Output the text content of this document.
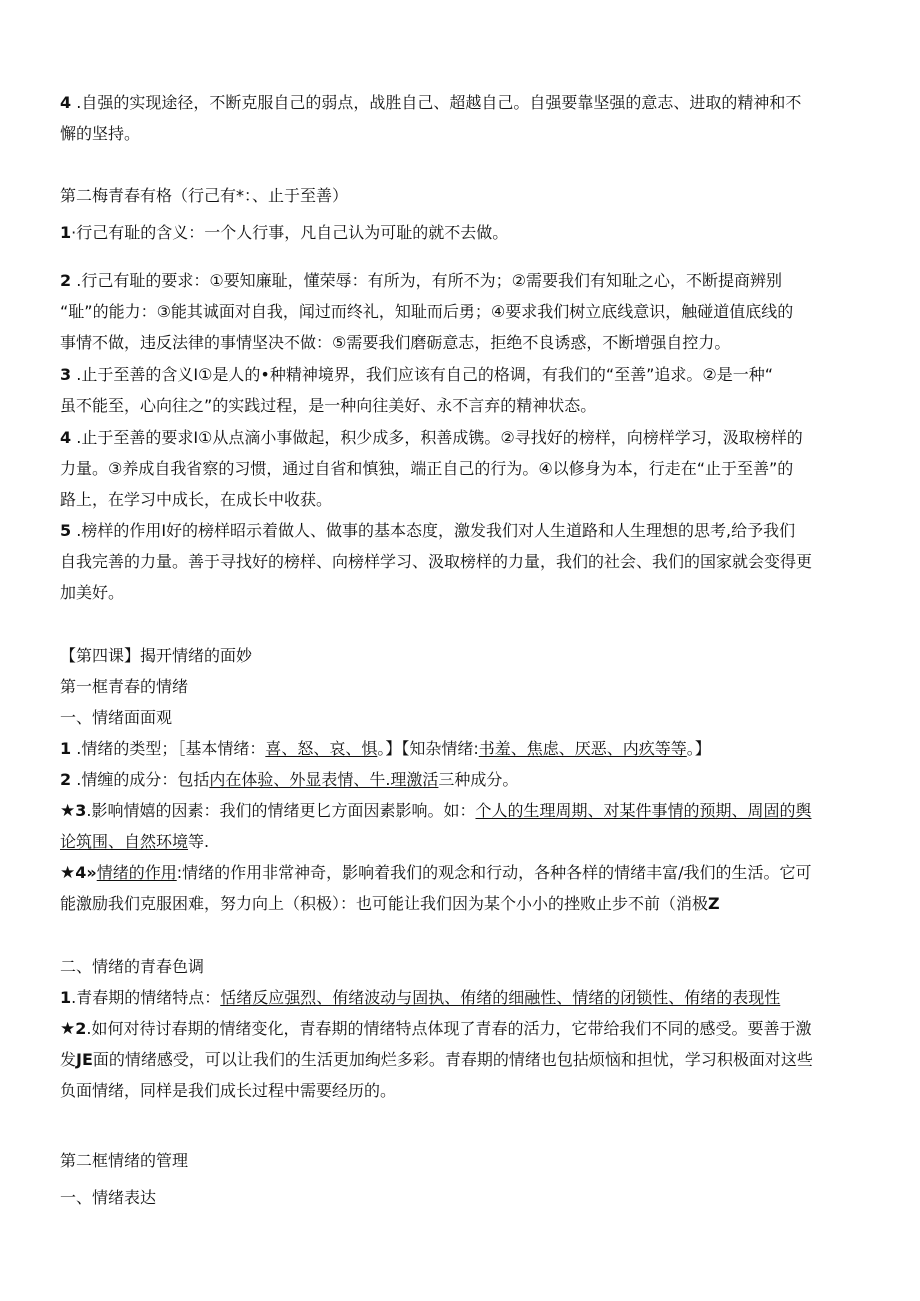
4 .自强的实现途径，不断克服自己的弱点，战胜自己、超越自己。自强要靠坚强的意志、进取的精神和不
懈的坚持。
第二梅青春有格（行己有*：、止于至善）
1·行己有耻的含义：一个人行事，凡自己认为可耻的就不去做。
2 .行己有耻的要求：①要知廉耻，懂荣辱：有所为，有所不为；②需要我们有知耻之心，不断提商辨别
“耻”的能力：③能其诚面对自我，闻过而终礼，知耻而后勇；④要求我们树立底线意识，触碰道值底线的
事情不做，违反法律的事情坚决不做：⑤需要我们磨砺意志，拒绝不良诱惑，不断增强自控力。
3 .止于至善的含义I①是人的•种精神境界，我们应该有自己的格调，有我们的“至善”追求。②是一种“
虽不能至，心向往之”的实践过程，是一种向往美好、永不言弃的精神状态。
4 .止于至善的要求I①从点滴小事做起，积少成多，积善成镌。②寻找好的榜样，向榜样学习，汲取榜样的
力量。③养成自我省察的习惯，通过自省和慎独，端正自己的行为。④以修身为本，行走在“止于至善”的
路上，在学习中成长，在成长中收获。
5 .榜样的作用I好的榜样昭示着做人、做事的基本态度，激发我们对人生道路和人生理想的思考,给予我们
自我完善的力量。善于寻找好的榜样、向榜样学习、汲取榜样的力量，我们的社会、我们的国家就会变得更
加美好。
【第四课】揭开情绪的面妙
第一框青春的情绪
一、情绪面面观
1 .情绪的类型；［基本情绪：喜、怒、哀、惧。】【知杂情绪:书羞、焦虑、厌恶、内疚等等。】
2 .情缠的成分：包括内在体验、外显表情、牛.理激活三种成分。
★3.影响情嬉的因素：我们的情绪更匕方面因素影响。如：个人的生理周期、对某件事情的预期、周固的舆
论筑围、自然环境等.
★4»情绪的作用:情绪的作用非常神奇，影响着我们的观念和行动，各种各样的情绪丰富/我们的生活。它可
能激励我们克服困难，努力向上（积极）：也可能让我们因为某个小小的挫败止步不前（消极Z
二、情绪的青春色调
1.青春期的情绪特点：恬绪反应强烈、侑绪波动与固执、侑绪的细融性、情绪的闭锁性、侑绪的表现性
★2.如何对待讨春期的情绪变化，青春期的情绪特点体现了青春的活力，它带给我们不同的感受。要善于激
发JE面的情绪感受，可以让我们的生活更加绚烂多彩。青春期的情绪也包拈烦恼和担忧，学习积极面对这些
负面情绪，同样是我们成长过程中需要经历的。
第二框情绪的管理
一、情绪表达
